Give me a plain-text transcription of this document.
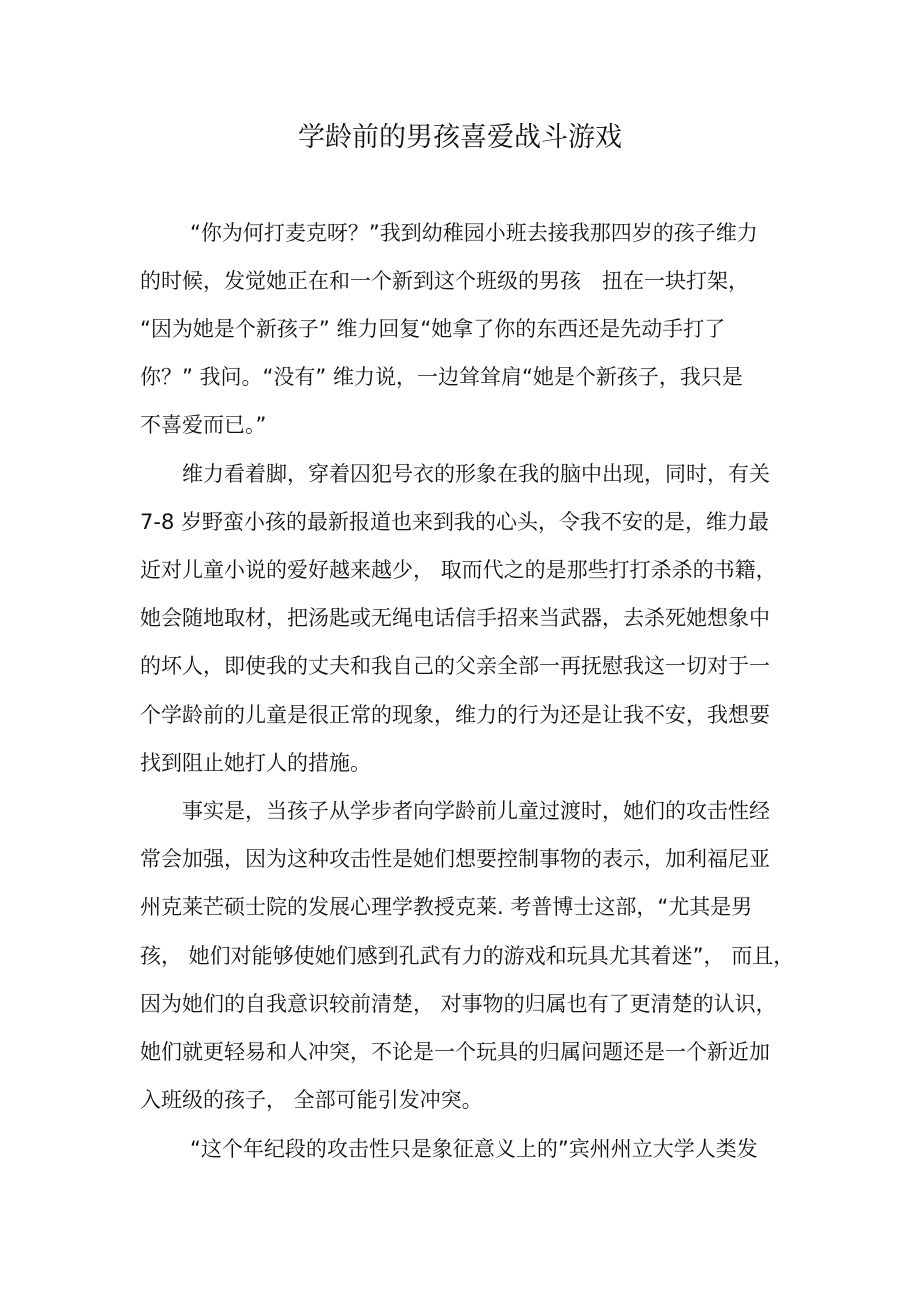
学龄前的男孩喜爱战斗游戏
“你为何打麦克呀？”我到幼稚园小班去接我那四岁的孩子维力
的时候，发觉她正在和一个新到这个班级的男孩　扭在一块打架，
“因为她是个新孩子” 维力回复“她拿了你的东西还是先动手打了
你？” 我问。“没有” 维力说，一边耸耸肩“她是个新孩子，我只是
不喜爱而已。”
维力看着脚，穿着囚犯号衣的形象在我的脑中出现，同时，有关
7-8 岁野蛮小孩的最新报道也来到我的心头，令我不安的是，维力最
近对儿童小说的爱好越来越少， 取而代之的是那些打打杀杀的书籍，
她会随地取材，把汤匙或无绳电话信手招来当武器，去杀死她想象中
的坏人，即使我的丈夫和我自己的父亲全部一再抚慰我这一切对于一
个学龄前的儿童是很正常的现象，维力的行为还是让我不安，我想要
找到阻止她打人的措施。
事实是，当孩子从学步者向学龄前儿童过渡时，她们的攻击性经
常会加强，因为这种攻击性是她们想要控制事物的表示，加利福尼亚
州克莱芒硕士院的发展心理学教授克莱. 考普博士这部，“尤其是男
孩， 她们对能够使她们感到孔武有力的游戏和玩具尤其着迷”， 而且，
因为她们的自我意识较前清楚， 对事物的归属也有了更清楚的认识，
她们就更轻易和人冲突，不论是一个玩具的归属问题还是一个新近加
入班级的孩子， 全部可能引发冲突。
“这个年纪段的攻击性只是象征意义上的”宾州州立大学人类发
